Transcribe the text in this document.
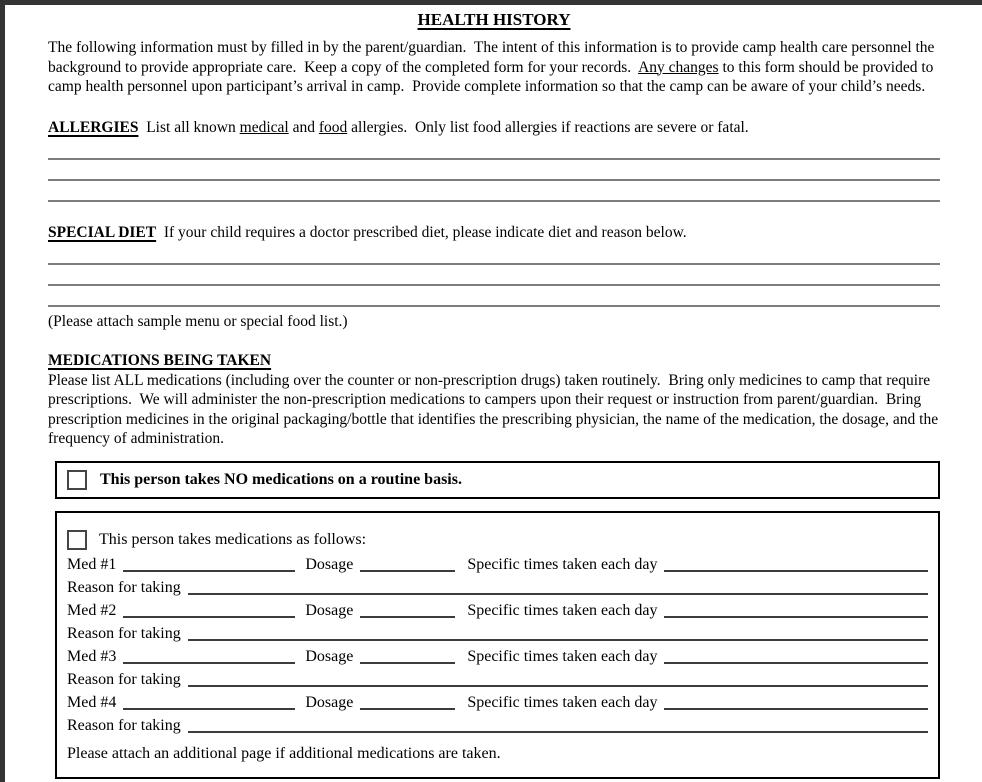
HEALTH HISTORY

The following information must by filled in by the parent/guardian.  The intent of this information is to provide camp health care personnel the background to provide appropriate care.  Keep a copy of the completed form for your records.  Any changes to this form should be provided to camp health personnel upon participant’s arrival in camp.  Provide complete information so that the camp can be aware of your child’s needs.

ALLERGIES  List all known medical and food allergies.  Only list food allergies if reactions are severe or fatal.

SPECIAL DIET  If your child requires a doctor prescribed diet, please indicate diet and reason below.

(Please attach sample menu or special food list.)

MEDICATIONS BEING TAKEN

Please list ALL medications (including over the counter or non-prescription drugs) taken routinely.  Bring only medicines to camp that require prescriptions.  We will administer the non-prescription medications to campers upon their request or instruction from parent/guardian.  Bring prescription medicines in the original packaging/bottle that identifies the prescribing physician, the name of the medication, the dosage, and the frequency of administration.

This person takes NO medications on a routine basis.
This person takes medications as follows:
Med #1	Dosage	Specific times taken each day
Reason for taking
Med #2	Dosage	Specific times taken each day
Reason for taking
Med #3	Dosage	Specific times taken each day
Reason for taking
Med #4	Dosage	Specific times taken each day
Reason for taking

Please attach an additional page if additional medications are taken.
